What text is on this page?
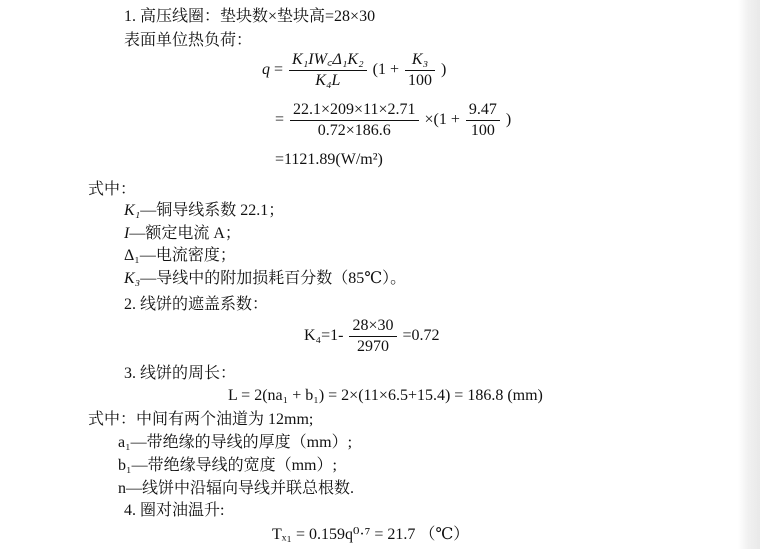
1. 高压线圈：垫块数×垫块高=28×30
表面单位热负荷：
$q = \frac{\text{K₁IW꜀Δ₁K₂}}{\text{K₄L}} (1 + \frac{\text{K₃}}{100}$ )
= $\frac{22.1\times 209\times 11\times 2.71}{0.72\times 186.6} \times(1 + \frac{9.47}{100}$ )
=1121.89(W/m²)
式中：
K₁—铜导线系数 22.1；
I—额定电流 A；
Δ₁—电流密度；
K₃—导线中的附加损耗百分数（85℃）。
2. 线饼的遮盖系数：
$K_4=1- \frac{28\times 30}{2970} =0.72$
3. 线饼的周长：
L = 2(na₁ + b₁) = 2×(11×6.5+15.4) = 186.8 (mm)
式中：中间有两个油道为 12mm;
a₁—带绝缘的导线的厚度（mm）;
b₁—带绝缘导线的宽度（mm）;
n—线饼中沿辐向导线并联总根数.
4. 圈对油温升:
Tₓ₁ = 0.159q⁰·⁷ = 21.7 （℃）
